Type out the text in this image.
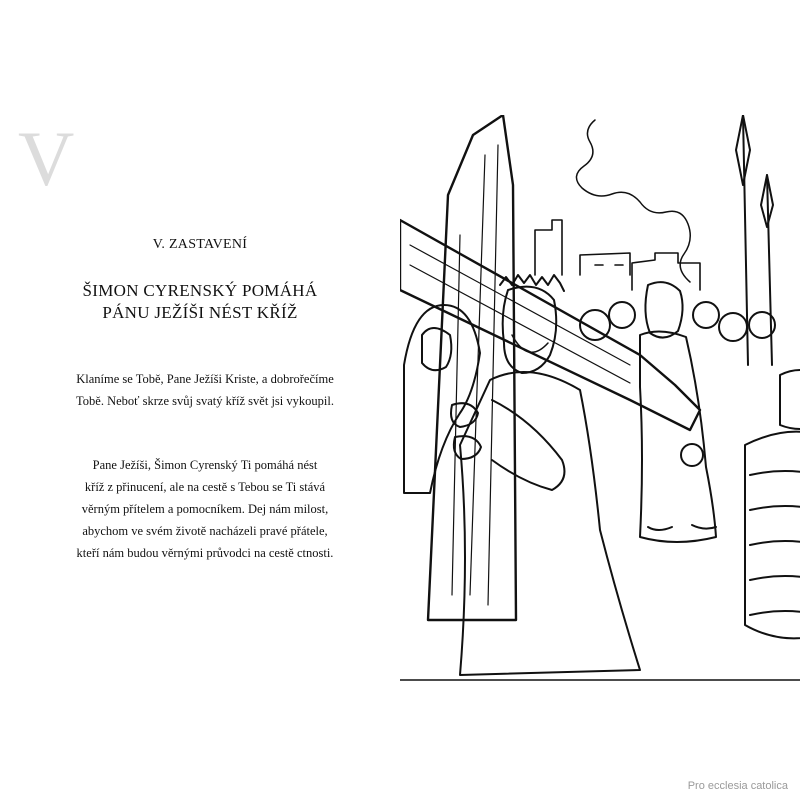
V
V. ZASTAVENÍ
ŠIMON CYRENSKÝ POMÁHÁ
PÁNU JEŽÍŠI NÉST KŘÍŽ
Klaníme se Tobě, Pane Ježíši Kriste, a dobrořečíme
Tobě. Neboť skrze svůj svatý kříž svět jsi vykoupil.
Pane Ježíši, Šimon Cyrenský Ti pomáhá nést
kříž z přinucení, ale na cestě s Tebou se Ti stává
věrným přítelem a pomocníkem. Dej nám milost,
abychom ve svém životě nacházeli pravé přátele,
kteří nám budou věrnými průvodci na cestě ctnosti.
Pro ecclesia catolica
